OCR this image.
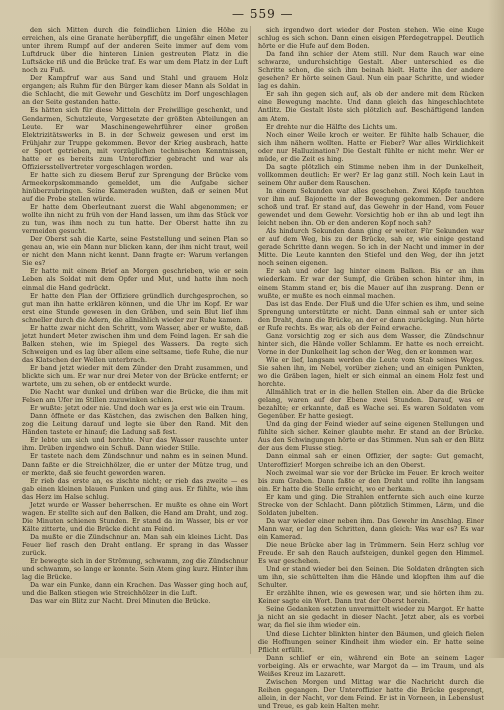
— 559 —

den sich Mitten durch die feindlichen Linien die Höhe zu erreichen, als eine Granate herüberpfiff, die ungefähr einen Meter unter ihrem Rumpf auf der anderen Seite immer auf dem vom Luftdruck über die hinteren Linien gestreuten Platz in die Luftsäcke riß und die Brücke traf. Es war um dem Platz in der Luft noch zu Fuß.

Der Kampfruf war aus Sand und Stahl und grauem Holz ergangen; als Ruhm für den Bürger kam dieser Mann als Soldat in die Schlacht, die mit Gewehr und Geschütz im Dorf ungeschlagen an der Seite gestanden hatte.

Es hätten sich für diese Mitteln der Freiwillige geschenkt, und Gendarmen, Schutzleute, Vorgesetzte der größten Abteilungen an Leute. Er war Maschinengewehrführer einer großen Elektrizitätswerks in B. in der Schweiz gewesen und erst im Frühjahr zur Truppe gekommen. Bevor der Krieg ausbrach, hatte er Sport getrieben, mit vorzüglichen technischen Kenntnissen, hatte er es bereits zum Unteroffizier gebracht und war als Offiziersstellvertreter vorgeschlagen worden.

Er hatte sich zu diesem Beruf zur Sprengung der Brücke vom Armeekorpskommando gemeldet, um die Aufgabe sicher hinüberzubringen. Seine Kameraden wußten, daß er seinen Mut auf die Probe stellen würde.

Er hatte dem Oberleutnant zuerst die Wahl abgenommen; er wollte ihn nicht zu früh von der Hand lassen, um ihm das Stück vor zu tun, was ihm noch zu tun hatte. Der Oberst hatte ihn zu vermeiden gesucht.

Der Oberst sah die Karte, seine Feststellung und seinen Plan so genau an, wie ein Mann nur blicken kann, der ihm nicht traut, weil er nicht den Mann nicht kennt. Dann fragte er: Warum verlangen Sie es?

Er hatte mit einem Brief an Morgen geschrieben, wie er sein Leben als Soldat mit dem Opfer und Mut, und hatte ihm noch einmal die Hand gedrückt.

Er hatte den Plan der Offiziere gründlich durchgesprochen, so gut man ihn hatte erklären können, und die Uhr im Kopf. Er war erst eine Stunde gewesen in den Gräben, und sein Blut lief ihm schneller durch die Adern, die allmählich wieder zur Ruhe kamen.

Er hatte zwar nicht den Schritt, vom Wasser, aber er wußte, daß jetzt hundert Meter zwischen ihm und dem Feind lagen. Er sah die Balken stehen, wie im Spiegel des Wassers. Da regte sich Schweigen und es lag über allem eine seltsame, tiefe Ruhe, die nur das Klatschen der Wellen unterbrach.

Er band jetzt wieder mit dem Zünder den Draht zusammen, und blickte sich um. Er war nur drei Meter von der Brücke entfernt; er wartete, um zu sehen, ob er entdeckt wurde.

Die Nacht war dunkel und drüben war die Brücke, die ihm mit Felsen am Ufer im Stillen zuzuwinken schien.

Er wußte: jetzt oder nie. Und doch war es ja erst wie ein Traum.

Dann öffnete er das Kästchen, das zwischen den Balken hing, zog die Leitung darauf und legte sie über den Rand. Mit den Händen tastete er hinauf; die Ladung saß fest.

Er lebte um sich und horchte. Nur das Wasser rauschte unter ihm. Drüben irgendwo ein Schuß. Dann wieder Stille.

Er tastete nach dem Zündschnur und nahm es in seinen Mund. Dann faßte er die Streichhölzer, die er unter der Mütze trug, und er merkte, daß sie feucht geworden waren.

Er rieb das erste an, es zischte nicht; er rieb das zweite — es gab einen kleinen blauen Funken und ging aus. Er fühlte, wie ihm das Herz im Halse schlug.

Jetzt wurde er Wasser beherrschen. Er mußte es ohne ein Wort wagen. Er stellte sich auf den Balken, die Hand am Draht, und zog. Die Minuten schienen Stunden. Er stand da im Wasser, bis er vor Kälte zitterte, und die Brücke dicht am Feind.

Da mußte er die Zündschnur an. Man sah ein kleines Licht. Das Feuer lief rasch den Draht entlang. Er sprang in das Wasser zurück.

Er bewegte sich in der Strömung, schwamm, zog die Zündschnur und schwamm, so lange er konnte. Sein Atem ging kurz. Hinter ihm lag die Brücke.

Da war ein Funke, dann ein Krachen. Das Wasser ging hoch auf, und die Balken stiegen wie Streichhölzer in die Luft.

Das war ein Blitz zur Nacht. Drei Minuten die Brücke.

sich irgendwo dort wieder der Posten stehen. Wie eine Kuge schlug es sich schon. Dann einen eisigen Pferdegetrappel. Deutlich hörte er die Hufe auf dem Boden.

Da fand ihn schier der Atem still. Nur dem Rauch war eine schwarze, undurchsichtige Gestalt. Aber unterschied es die Schritte schon, die sich ihm beinah hielt. Hatte ihn der andere gesehen? Er hörte seinen Gaul. Nun ein paar Schritte, und wieder lag es dahin.

Er sah ihn gegen sich auf, als ob der andere mit dem Rücken eine Bewegung machte. Und dann gleich das hingeschlachtete Antlitz. Die Gestalt löste sich plötzlich auf. Beschäftigend landen am Atem.

Er drehte nur die Hälfte des Lichts um.

Noch einer Weile kroch er weiter. Er fühlte halb Schauer, die sich ihm nähern wollten. Hatte er Fieber? War alles Wirklichkeit oder nur Halluzination? Die Gestalt fühlte er nicht mehr. Wer er müde, er die Zeit es hing.

Da sagte plötzlich ein Stimme neben ihm in der Dunkelheit, vollkommen deutlich: Er wer? Er lag ganz still. Noch kein Laut in seinem Ohr außer dem Rauschen.

In einem Sekunden war alles geschehen. Zwei Köpfe tauchten vor ihm auf. Bajonette in der Bewegung gekommen. Der andere schoß und traf. Er stand auf, das Gewehr in der Hand, vom Feuer gewendet und dem Gewehr. Vorsichtig hob er ihn ab und legt ihn leicht neben ihn. Ob er den anderen Kopf noch sah?

Als hindurch Sekunden dann ging er weiter. Für Sekunden war er auf dem Weg, bis zu der Brücke, sah er, wie einige gestand gerade Schritte dann wegen. So ich in der Nacht und immer in der Mitte. Die Leute kannten den Stiefel und den Weg, der ihn jetzt noch seinen eigenen.

Er sah und oder lag hinter einem Balken. Bis er an ihm wiederkam. Er war der Sumpf, die Gräben schon hinter ihm, in einem Stamm stand er, bis die Mauer auf ihn zusprang. Denn er wußte, er mußte es noch einmal machen.

Das ist das Ende. Der Fluß und die Ufer schien es ihm, und seine Sprengung unterstützte er nicht. Dann einmal sah er unter sich den Draht, dann die Brücke, an der er dann zurückging. Nun hörte er Rufe rechts. Es war, als ob der Feind erwache.

Ganz vorsichtig zog er sich aus dem Wasser, die Zündschnur hinter sich, die Hände voller Schlamm. Er hatte es noch erreicht. Vorne in der Dunkelheit lag schon der Weg, den er kommen war.

Wie er lief, langsam werden die Leute vom Stab seines Weges. Sie sahen ihn, im Nebel, vorüber ziehen; und an einigen Punkten, wo die Gräben lagen, hielt er sich einmal an einem Holz fest und horchte.

Allmählich trat er in die hellen Stellen ein. Aber da die Brücke gelang, waren auf der Ebene zwei Stunden. Darauf, was er bezahlte; er erkannte, daß es Wache sei. Es waren Soldaten vom Gegenüber. Er hatte gesiegt.

Und da ging der Feind wieder auf seine eigenen Stellungen und fühlte sich sicher. Keiner glaubte mehr. Er stand an der Brücke. Aus den Schwingungen hörte er das Stimmen. Nun sah er den Blitz der aus dem Flusse stieg.

Dann einmal sah er einen Offizier, der sagte: Gut gemacht, Unteroffizier! Morgen schreibe ich an den Oberst.

Noch zweimal war sie vor der Brücke im Feuer. Er kroch weiter bis zum Graben. Dann faßte er den Draht und rollte ihn langsam ein. Er hatte die Stelle erreicht, wo er herkam.

Er kam und ging. Die Strahlen entfernte sich auch eine kurze Strecke von der Schlacht. Dann plötzlich Stimmen, Lärm, und die Soldaten jubelten.

Da war wieder einer neben ihm. Das Gewehr im Anschlag. Einer Mann war, er lag den Schritten, dann gleich: Was war es? Es war ein Kamerad.

Die neue Brücke aber lag in Trümmern. Sein Herz schlug vor Freude. Er sah den Rauch aufsteigen, dunkel gegen den Himmel. Es war geschehen.

Und er stand wieder bei den Seinen. Die Soldaten drängten sich um ihn, sie schüttelten ihm die Hände und klopften ihm auf die Schulter.

Er erzählte ihnen, wie es gewesen war, und sie hörten ihm zu. Keiner sagte ein Wort. Dann trat der Oberst herein.

Seine Gedanken setzten unvermittelt wieder zu Margot. Er hatte ja nicht an sie gedacht in dieser Nacht. Jetzt aber, als es vorbei war, da fiel sie ihm wieder ein.

Und diese Lichter blinkten hinter den Bäumen, und gleich fielen die Hoffnungen seiner Kindheit ihm wieder ein. Er hatte seine Pflicht erfüllt.

Dann schlief er ein, während ein Bote an seinem Lager vorbeiging. Als er erwachte, war Margot da — im Traum, und als Weißes Kreuz im Lazarett.

Zwischen Morgen und Mittag war die Nachricht durch die Reihen gegangen. Der Unteroffizier hatte die Brücke gesprengt, allein, in der Nacht, vor dem Feind. Er ist in Vorneen, in Lebenslust und Treue, es gab kein Halten mehr.
